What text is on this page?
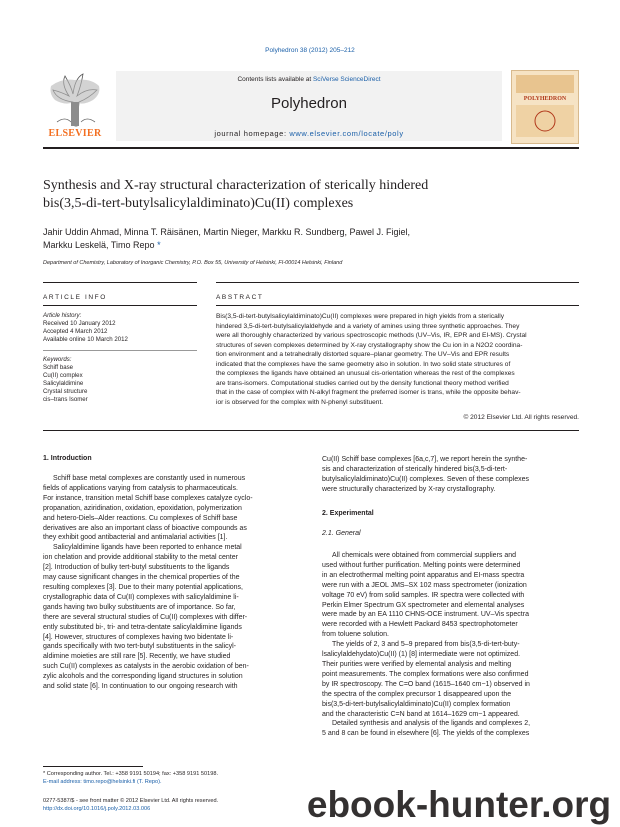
Polyhedron 38 (2012) 205–212
ELSEVIER
Contents lists available at SciVerse ScienceDirect
Polyhedron
journal homepage: www.elsevier.com/locate/poly
POLYHEDRON
Synthesis and X-ray structural characterization of sterically hindered
bis(3,5-di-tert-butylsalicylaldiminato)Cu(II) complexes
Jahir Uddin Ahmad, Minna T. Räisänen, Martin Nieger, Markku R. Sundberg, Pawel J. Figiel,
Markku Leskelä, Timo Repo *
Department of Chemistry, Laboratory of Inorganic Chemistry, P.O. Box 55, University of Helsinki, FI-00014 Helsinki, Finland
ARTICLE INFO	ABSTRACT
Article history:
Received 10 January 2012
Accepted 4 March 2012
Available online 10 March 2012
Keywords:
Schiff base
Cu(II) complex
Salicylaldimine
Crystal structure
cis–trans Isomer
Bis(3,5-di-tert-butylsalicylaldiminato)Cu(II) complexes were prepared in high yields from a sterically
hindered 3,5-di-tert-butylsalicylaldehyde and a variety of amines using three synthetic approaches. They
were all thoroughly characterized by various spectroscopic methods (UV–Vis, IR, EPR and EI-MS). Crystal
structures of seven complexes determined by X-ray crystallography show the Cu ion in a N2O2 coordina-
tion environment and a tetrahedrally distorted square–planar geometry. The UV–Vis and EPR results
indicated that the complexes have the same geometry also in solution. In two solid state structures of
the complexes the ligands have obtained an unusual cis-orientation whereas the rest of the complexes
are trans-isomers. Computational studies carried out by the density functional theory method verified
that in the case of complex with N-alkyl fragment the preferred isomer is trans, while the opposite behav-
ior is observed for the complex with N-phenyl substituent.
© 2012 Elsevier Ltd. All rights reserved.
1. Introduction
Schiff base metal complexes are constantly used in numerous
fields of applications varying from catalysis to pharmaceuticals.
For instance, transition metal Schiff base complexes catalyze cyclo-
propanation, aziridination, oxidation, epoxidation, polymerization
and hetero-Diels–Alder reactions. Cu complexes of Schiff base
derivatives are also an important class of bioactive compounds as
they exhibit good antibacterial and antimalarial activities [1].
Salicylaldimine ligands have been reported to enhance metal
ion chelation and provide additional stability to the metal center
[2]. Introduction of bulky tert-butyl substituents to the ligands
may cause significant changes in the chemical properties of the
resulting complexes [3]. Due to their many potential applications,
crystallographic data of Cu(II) complexes with salicylaldimine li-
gands having two bulky substituents are of importance. So far,
there are several structural studies of Cu(II) complexes with differ-
ently substituted bi-, tri- and tetra-dentate salicylaldimine ligands
[4]. However, structures of complexes having two bidentate li-
gands specifically with two tert-butyl substituents in the salicyl-
aldimine moieties are still rare [5]. Recently, we have studied
such Cu(II) complexes as catalysts in the aerobic oxidation of ben-
zylic alcohols and the corresponding ligand structures in solution
and solid state [6]. In continuation to our ongoing research with
* Corresponding author. Tel.: +358 9191 50194; fax: +358 9191 50198.
E-mail address: timo.repo@helsinki.fi (T. Repo).
0277-5387/$ - see front matter © 2012 Elsevier Ltd. All rights reserved.
http://dx.doi.org/10.1016/j.poly.2012.03.006
Cu(II) Schiff base complexes [6a,c,7], we report herein the synthe-
sis and characterization of sterically hindered bis(3,5-di-tert-
butylsalicylaldiminato)Cu(II) complexes. Seven of these complexes
were structurally characterized by X-ray crystallography.
2. Experimental
2.1. General
All chemicals were obtained from commercial suppliers and
used without further purification. Melting points were determined
in an electrothermal melting point apparatus and EI-mass spectra
were run with a JEOL JMS–SX 102 mass spectrometer (ionization
voltage 70 eV) from solid samples. IR spectra were collected with
Perkin Elmer Spectrum GX spectrometer and elemental analyses
were made by an EA 1110 CHNS-OCE instrument. UV–Vis spectra
were recorded with a Hewlett Packard 8453 spectrophotometer
from toluene solution.
The yields of 2, 3 and 5–9 prepared from bis(3,5-di-tert-buty-
lsalicylaldehydato)Cu(II) (1) [8] intermediate were not optimized.
Their purities were verified by elemental analysis and melting
point measurements. The complex formations were also confirmed
by IR spectroscopy. The C=O band (1615–1640 cm−1) observed in
the spectra of the complex precursor 1 disappeared upon the
bis(3,5-di-tert-butylsalicylaldiminato)Cu(II) complex formation
and the characteristic C=N band at 1614–1629 cm−1 appeared.
Detailed synthesis and analysis of the ligands and complexes 2,
5 and 8 can be found in elsewhere [6]. The yields of the complexes
ebook-hunter.org
